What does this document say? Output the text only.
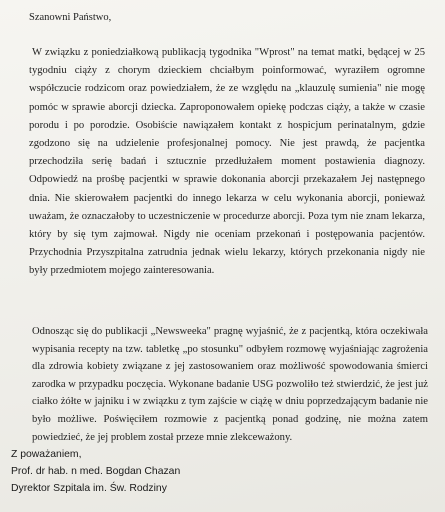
Szanowni Państwo,
W związku z poniedziałkową publikacją tygodnika "Wprost" na temat matki, będącej w 25 tygodniu ciąży z chorym dzieckiem chciałbym poinformować, wyraziłem ogromne współczucie rodzicom oraz powiedziałem, że ze względu na „klauzulę sumienia" nie mogę pomóc w sprawie aborcji dziecka. Zaproponowałem opiekę podczas ciąży, a także w czasie porodu i po porodzie. Osobiście nawiązałem kontakt z hospicjum perinatalnym, gdzie zgodzono się na udzielenie profesjonalnej pomocy. Nie jest prawdą, że pacjentka przechodziła serię badań i sztucznie przedłużałem moment postawienia diagnozy. Odpowiedź na prośbę pacjentki w sprawie dokonania aborcji przekazałem Jej następnego dnia. Nie skierowałem pacjentki do innego lekarza w celu wykonania aborcji, ponieważ uważam, że oznaczałoby to uczestniczenie w procedurze aborcji. Poza tym nie znam lekarza, który by się tym zajmował. Nigdy nie oceniam przekonań i postępowania pacjentów. Przychodnia Przyszpitalna zatrudnia jednak wielu lekarzy, których przekonania nigdy nie były przedmiotem mojego zainteresowania.
Odnosząc się do publikacji „Newsweeka" pragnę wyjaśnić, że z pacjentką, która oczekiwała wypisania recepty na tzw. tabletkę „po stosunku" odbyłem rozmowę wyjaśniając zagrożenia dla zdrowia kobiety związane z jej zastosowaniem oraz możliwość spowodowania śmierci zarodka w przypadku poczęcia. Wykonane badanie USG pozwoliło też stwierdzić, że jest już ciałko żółte w jajniku i w związku z tym zajście w ciążę w dniu poprzedzającym badanie nie było możliwe. Poświęciłem rozmowie z pacjentką ponad godzinę, nie można zatem powiedzieć, że jej problem został przeze mnie zlekceważony.
Z poważaniem,
Prof. dr hab. n med. Bogdan Chazan
Dyrektor Szpitala im. Św. Rodziny
